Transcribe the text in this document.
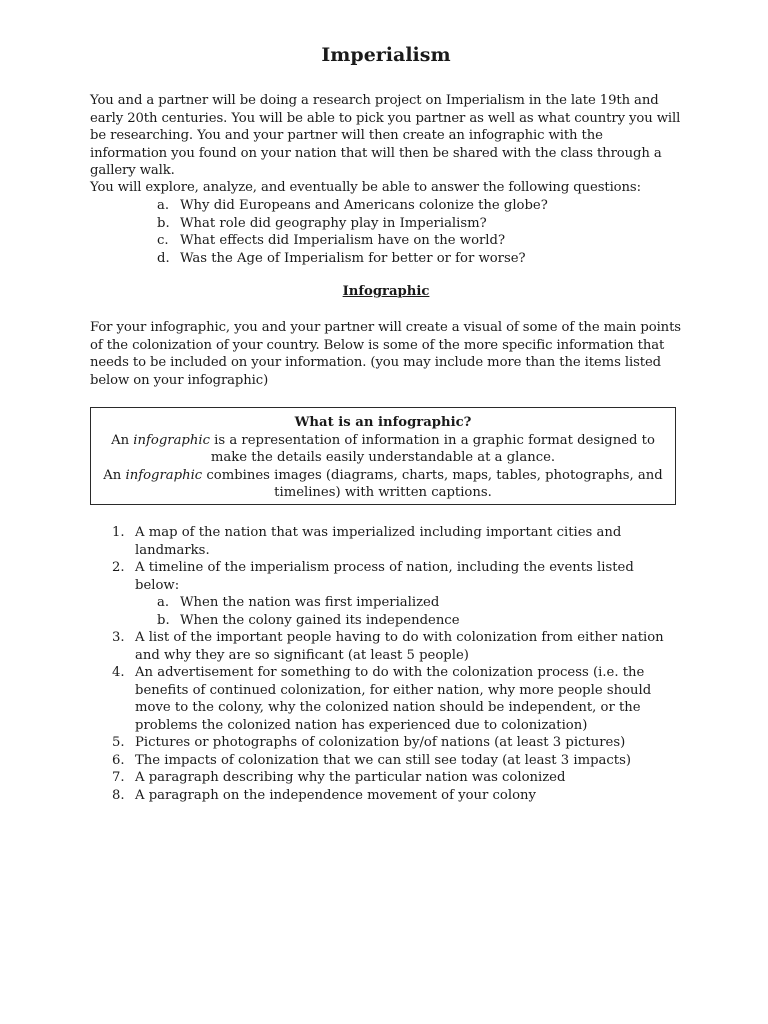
Imperialism

You and a partner will be doing a research project on Imperialism in the late 19th and early 20th centuries. You will be able to pick you partner as well as what country you will be researching. You and your partner will then create an infographic with the information you found on your nation that will then be shared with the class through a gallery walk.

You will explore, analyze, and eventually be able to answer the following questions:

a. Why did Europeans and Americans colonize the globe?
b. What role did geography play in Imperialism?
c. What effects did Imperialism have on the world?
d. Was the Age of Imperialism for better or for worse?
Infographic

For your infographic, you and your partner will create a visual of some of the main points of the colonization of your country. Below is some of the more specific information that needs to be included on your information. (you may include more than the items listed below on your infographic)

What is an infographic?

An infographic is a representation of information in a graphic format designed to make the details easily understandable at a glance.

An infographic combines images (diagrams, charts, maps, tables, photographs, and timelines) with written captions.

1. A map of the nation that was imperialized including important cities and landmarks.
2. A timeline of the imperialism process of nation, including the events listed below:
a. When the nation was first imperialized
b. When the colony gained its independence
3. A list of the important people having to do with colonization from either nation and why they are so significant (at least 5 people)
4. An advertisement for something to do with the colonization process (i.e. the benefits of continued colonization, for either nation, why more people should move to the colony, why the colonized nation should be independent, or the problems the colonized nation has experienced due to colonization)
5. Pictures or photographs of colonization by/of nations (at least 3 pictures)
6. The impacts of colonization that we can still see today (at least 3 impacts)
7. A paragraph describing why the particular nation was colonized
8. A paragraph on the independence movement of your colony
